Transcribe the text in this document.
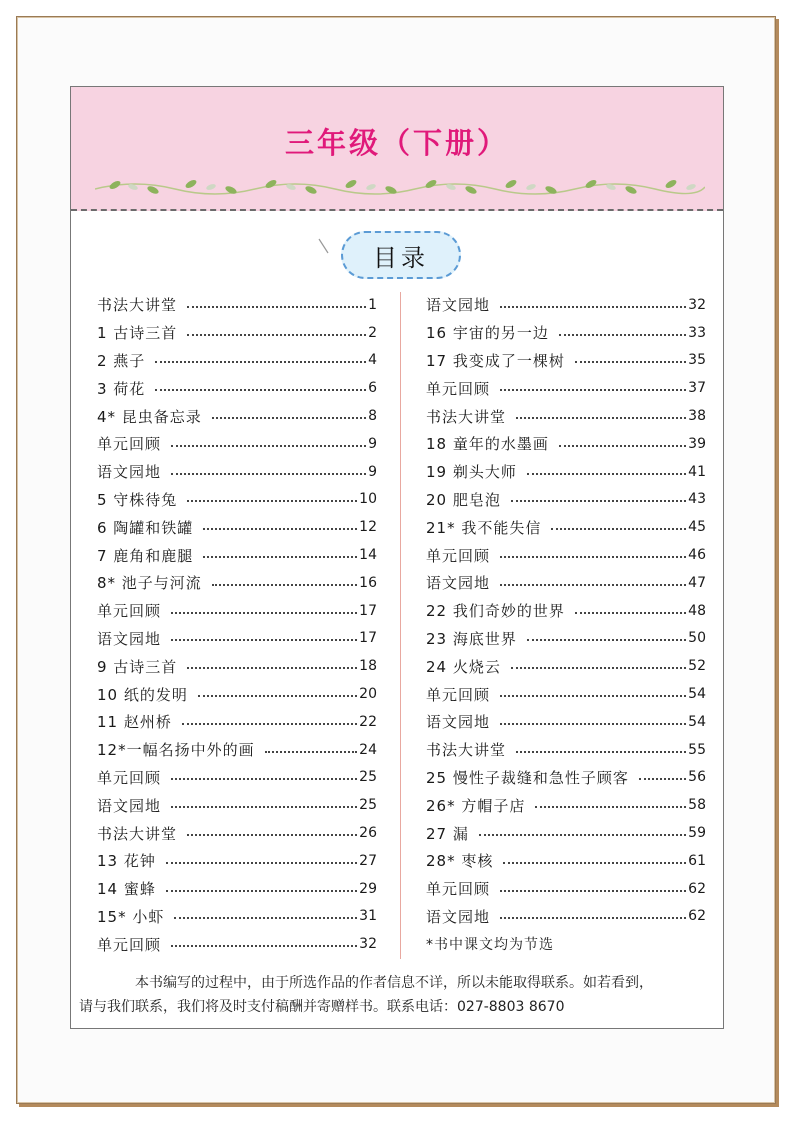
三年级（下册）
目录
书法大讲堂	1
1 古诗三首	2
2 燕子	4
3 荷花	6
4* 昆虫备忘录	8
单元回顾	9
语文园地	9
5 守株待兔	10
6 陶罐和铁罐	12
7 鹿角和鹿腿	14
8* 池子与河流	16
单元回顾	17
语文园地	17
9 古诗三首	18
10 纸的发明	20
11 赵州桥	22
12*一幅名扬中外的画	24
单元回顾	25
语文园地	25
书法大讲堂	26
13 花钟	27
14 蜜蜂	29
15* 小虾	31
单元回顾	32
语文园地	32
16 宇宙的另一边	33
17 我变成了一棵树	35
单元回顾	37
书法大讲堂	38
18 童年的水墨画	39
19 剃头大师	41
20 肥皂泡	43
21* 我不能失信	45
单元回顾	46
语文园地	47
22 我们奇妙的世界	48
23 海底世界	50
24 火烧云	52
单元回顾	54
语文园地	54
书法大讲堂	55
25 慢性子裁缝和急性子顾客	56
26* 方帽子店	58
27 漏	59
28* 枣核	61
单元回顾	62
语文园地	62
*书中课文均为节选

本书编写的过程中，由于所选作品的作者信息不详，所以未能取得联系。如若看到，

请与我们联系，我们将及时支付稿酬并寄赠样书。联系电话：027-8803 8670
